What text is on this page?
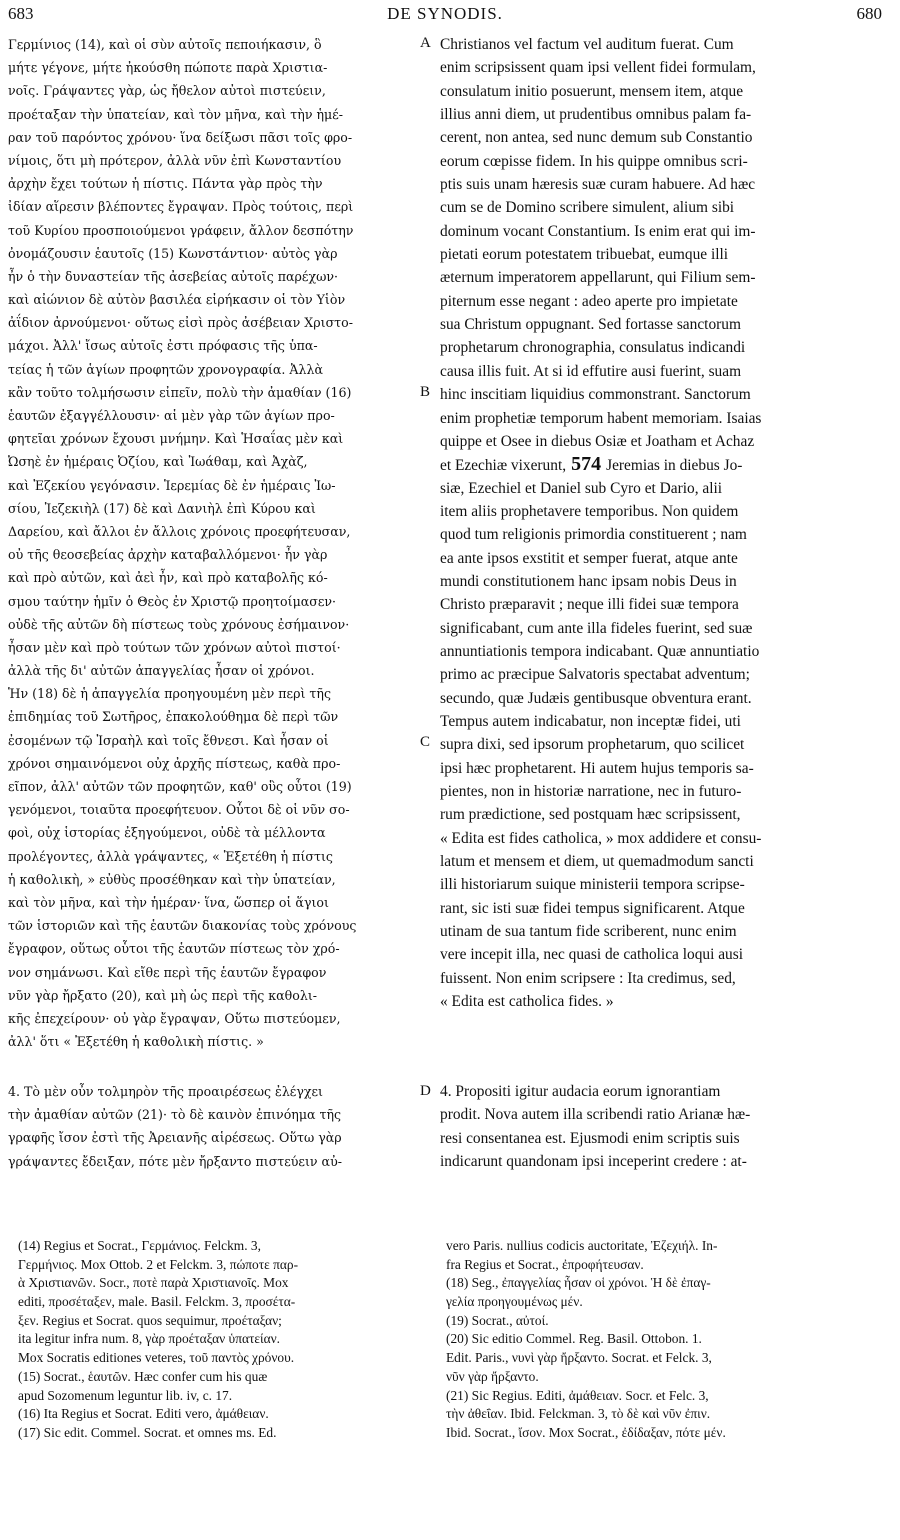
683	DE SYNODIS.	680
Γερμίνιος (14), καὶ οἱ σὺν αὐτοῖς πεποιήκασιν, ὃ
μήτε γέγονε, μήτε ἠκούσθη πώποτε παρὰ Χριστια-
νοῖς. Γράψαντες γὰρ, ὡς ἤθελον αὐτοὶ πιστεύειν,
προέταξαν τὴν ὑπατείαν, καὶ τὸν μῆνα, καὶ τὴν ἡμέ-
ραν τοῦ παρόντος χρόνου· ἵνα δείξωσι πᾶσι τοῖς φρο-
νίμοις, ὅτι μὴ πρότερον, ἀλλὰ νῦν ἐπὶ Κωνσταντίου
ἀρχὴν ἔχει τούτων ἡ πίστις. Πάντα γὰρ πρὸς τὴν
ἰδίαν αἵρεσιν βλέποντες ἔγραψαν. Πρὸς τούτοις, περὶ
τοῦ Κυρίου προσποιούμενοι γράφειν, ἄλλον δεσπότην
ὀνομάζουσιν ἑαυτοῖς (15) Κωνστάντιον· αὐτὸς γὰρ
ἦν ὁ τὴν δυναστείαν τῆς ἀσεβείας αὐτοῖς παρέχων·
καὶ αἰώνιον δὲ αὐτὸν βασιλέα εἰρήκασιν οἱ τὸν Υἱὸν
ἀΐδιον ἀρνούμενοι· οὕτως εἰσὶ πρὸς ἀσέβειαν Χριστο-
μάχοι. Ἀλλ' ἴσως αὐτοῖς ἐστι πρόφασις τῆς ὑπα-
τείας ἡ τῶν ἁγίων προφητῶν χρονογραφία. Ἀλλὰ
κἂν τοῦτο τολμήσωσιν εἰπεῖν, πολὺ τὴν ἀμαθίαν (16)
ἑαυτῶν ἐξαγγέλλουσιν· αἱ μὲν γὰρ τῶν ἁγίων προ-
φητεῖαι χρόνων ἔχουσι μνήμην. Καὶ Ἡσαΐας μὲν καὶ
Ὠσηὲ ἐν ἡμέραις Ὀζίου, καὶ Ἰωάθαμ, καὶ Ἀχὰζ,
καὶ Ἐζεκίου γεγόνασιν. Ἱερεμίας δὲ ἐν ἡμέραις Ἰω-
σίου, Ἰεζεκιὴλ (17) δὲ καὶ Δανιὴλ ἐπὶ Κύρου καὶ
Δαρείου, καὶ ἄλλοι ἐν ἄλλοις χρόνοις προεφήτευσαν,
οὐ τῆς θεοσεβείας ἀρχὴν καταβαλλόμενοι· ἦν γὰρ
καὶ πρὸ αὐτῶν, καὶ ἀεὶ ἦν, καὶ πρὸ καταβολῆς κό-
σμου ταύτην ἡμῖν ὁ Θεὸς ἐν Χριστῷ προητοίμασεν·
οὐδὲ τῆς αὐτῶν δὴ πίστεως τοὺς χρόνους ἐσήμαινον·
ἦσαν μὲν καὶ πρὸ τούτων τῶν χρόνων αὐτοὶ πιστοί·
ἀλλὰ τῆς δι' αὐτῶν ἀπαγγελίας ἦσαν οἱ χρόνοι.
Ἡν (18) δὲ ἡ ἀπαγγελία προηγουμένη μὲν περὶ τῆς
ἐπιδημίας τοῦ Σωτῆρος, ἐπακολούθημα δὲ περὶ τῶν
ἐσομένων τῷ Ἰσραὴλ καὶ τοῖς ἔθνεσι. Καὶ ἦσαν οἱ
χρόνοι σημαινόμενοι οὐχ ἀρχῆς πίστεως, καθὰ προ-
εῖπον, ἀλλ' αὐτῶν τῶν προφητῶν, καθ' οὓς οὗτοι (19)
γενόμενοι, τοιαῦτα προεφήτευον. Οὗτοι δὲ οἱ νῦν σο-
φοὶ, οὐχ ἱστορίας ἐξηγούμενοι, οὐδὲ τὰ μέλλοντα
προλέγοντες, ἀλλὰ γράψαντες, « Ἐξετέθη ἡ πίστις
ἡ καθολικὴ, » εὐθὺς προσέθηκαν καὶ τὴν ὑπατείαν,
καὶ τὸν μῆνα, καὶ τὴν ἡμέραν· ἵνα, ὥσπερ οἱ ἅγιοι
τῶν ἱστοριῶν καὶ τῆς ἑαυτῶν διακονίας τοὺς χρόνους
ἔγραφον, οὕτως οὗτοι τῆς ἑαυτῶν πίστεως τὸν χρό-
νον σημάνωσι. Καὶ εἴθε περὶ τῆς ἑαυτῶν ἔγραφον
νῦν γὰρ ἤρξατο (20), καὶ μὴ ὡς περὶ τῆς καθολι-
κῆς ἐπεχείρουν· οὐ γὰρ ἔγραψαν, Οὕτω πιστεύομεν,
ἀλλ' ὅτι « Ἐξετέθη ἡ καθολικὴ πίστις. »
Christianos vel factum vel auditum fuerat. Cum
enim scripsissent quam ipsi vellent fidei formulam,
consulatum initio posuerunt, mensem item, atque
illius anni diem, ut prudentibus omnibus palam fa-
cerent, non antea, sed nunc demum sub Constantio
eorum cœpisse fidem. In his quippe omnibus scri-
ptis suis unam hæresis suæ curam habuere. Ad hæc
cum se de Domino scribere simulent, alium sibi
dominum vocant Constantium. Is enim erat qui im-
pietati eorum potestatem tribuebat, eumque illi
æternum imperatorem appellarunt, qui Filium sem-
piternum esse negant : adeo aperte pro impietate
sua Christum oppugnant. Sed fortasse sanctorum
prophetarum chronographia, consulatus indicandi
causa illis fuit. At si id effutire ausi fuerint, suam
hinc inscitiam liquidius commonstrant. Sanctorum
enim prophetiæ temporum habent memoriam. Isaias
quippe et Osee in diebus Osiæ et Joatham et Achaz
et Ezechiæ vixerunt, 574 Jeremias in diebus Jo-
siæ, Ezechiel et Daniel sub Cyro et Dario, alii
item aliis prophetavere temporibus. Non quidem
quod tum religionis primordia constituerent ; nam
ea ante ipsos exstitit et semper fuerat, atque ante
mundi constitutionem hanc ipsam nobis Deus in
Christo præparavit ; neque illi fidei suæ tempora
significabant, cum ante illa fideles fuerint, sed suæ
annuntiationis tempora indicabant. Quæ annuntiatio
primo ac præcipue Salvatoris spectabat adventum;
secundo, quæ Judæis gentibusque obventura erant.
Tempus autem indicabatur, non inceptæ fidei, uti
supra dixi, sed ipsorum prophetarum, quo scilicet
ipsi hæc prophetarent. Hi autem hujus temporis sa-
pientes, non in historiæ narratione, nec in futuro-
rum prædictione, sed postquam hæc scripsissent,
« Edita est fides catholica, » mox addidere et consu-
latum et mensem et diem, ut quemadmodum sancti
illi historiarum suique ministerii tempora scripse-
rant, sic isti suæ fidei tempus significarent. Atque
utinam de sua tantum fide scriberent, nunc enim
vere incepit illa, nec quasi de catholica loqui ausi
fuissent. Non enim scripsere : Ita credimus, sed,
« Edita est catholica fides. »
A
B
C
D
4. Τὸ μὲν οὖν τολμηρὸν τῆς προαιρέσεως ἐλέγχει
τὴν ἀμαθίαν αὐτῶν (21)· τὸ δὲ καινὸν ἐπινόημα τῆς
γραφῆς ἴσον ἐστὶ τῆς Ἀρειανῆς αἱρέσεως. Οὕτω γὰρ
γράψαντες ἔδειξαν, πότε μὲν ἤρξαντο πιστεύειν αὐ-
4. Propositi igitur audacia eorum ignorantiam
prodit. Nova autem illa scribendi ratio Arianæ hæ-
resi consentanea est. Ejusmodi enim scriptis suis
indicarunt quandonam ipsi inceperint credere : at-
(14) Regius et Socrat., Γερμάνιος. Felckm. 3,
Γερμήνιος. Mox Ottob. 2 et Felckm. 3, πώποτε παρ-
ὰ Χριστιανῶν. Socr., ποτὲ παρὰ Χριστιανοῖς. Mox
editi, προσέταξεν, male. Basil. Felckm. 3, προσέτα-
ξεν. Regius et Socrat. quos sequimur, προέταξαν;
ita legitur infra num. 8, γὰρ προέταξαν ὑπατείαν.
Mox Socratis editiones veteres, τοῦ παντὸς χρόνου.
(15) Socrat., ἑαυτῶν. Hæc confer cum his quæ
apud Sozomenum leguntur lib. iv, c. 17.
(16) Ita Regius et Socrat. Editi vero, ἀμάθειαν.
(17) Sic edit. Commel. Socrat. et omnes ms. Ed.
vero Paris. nullius codicis auctoritate, Ἐζεχιήλ. In-
fra Regius et Socrat., ἐπροφήτευσαν.
(18) Seg., ἐπαγγελίας ἦσαν οἱ χρόνοι. Ἡ δὲ ἐπαγ-
γελία προηγουμένως μέν.
(19) Socrat., αὐτοί.
(20) Sic editio Commel. Reg. Basil. Ottobon. 1.
Edit. Paris., νυνὶ γὰρ ἤρξαντο. Socrat. et Felck. 3,
νῦν γὰρ ἤρξαντο.
(21) Sic Regius. Editi, ἀμάθειαν. Socr. et Felc. 3,
τὴν ἀθεΐαν. Ibid. Felckman. 3, τὸ δὲ καὶ νῦν ἐπιν.
Ibid. Socrat., ἴσον. Mox Socrat., ἐδίδαξαν, πότε μέν.
